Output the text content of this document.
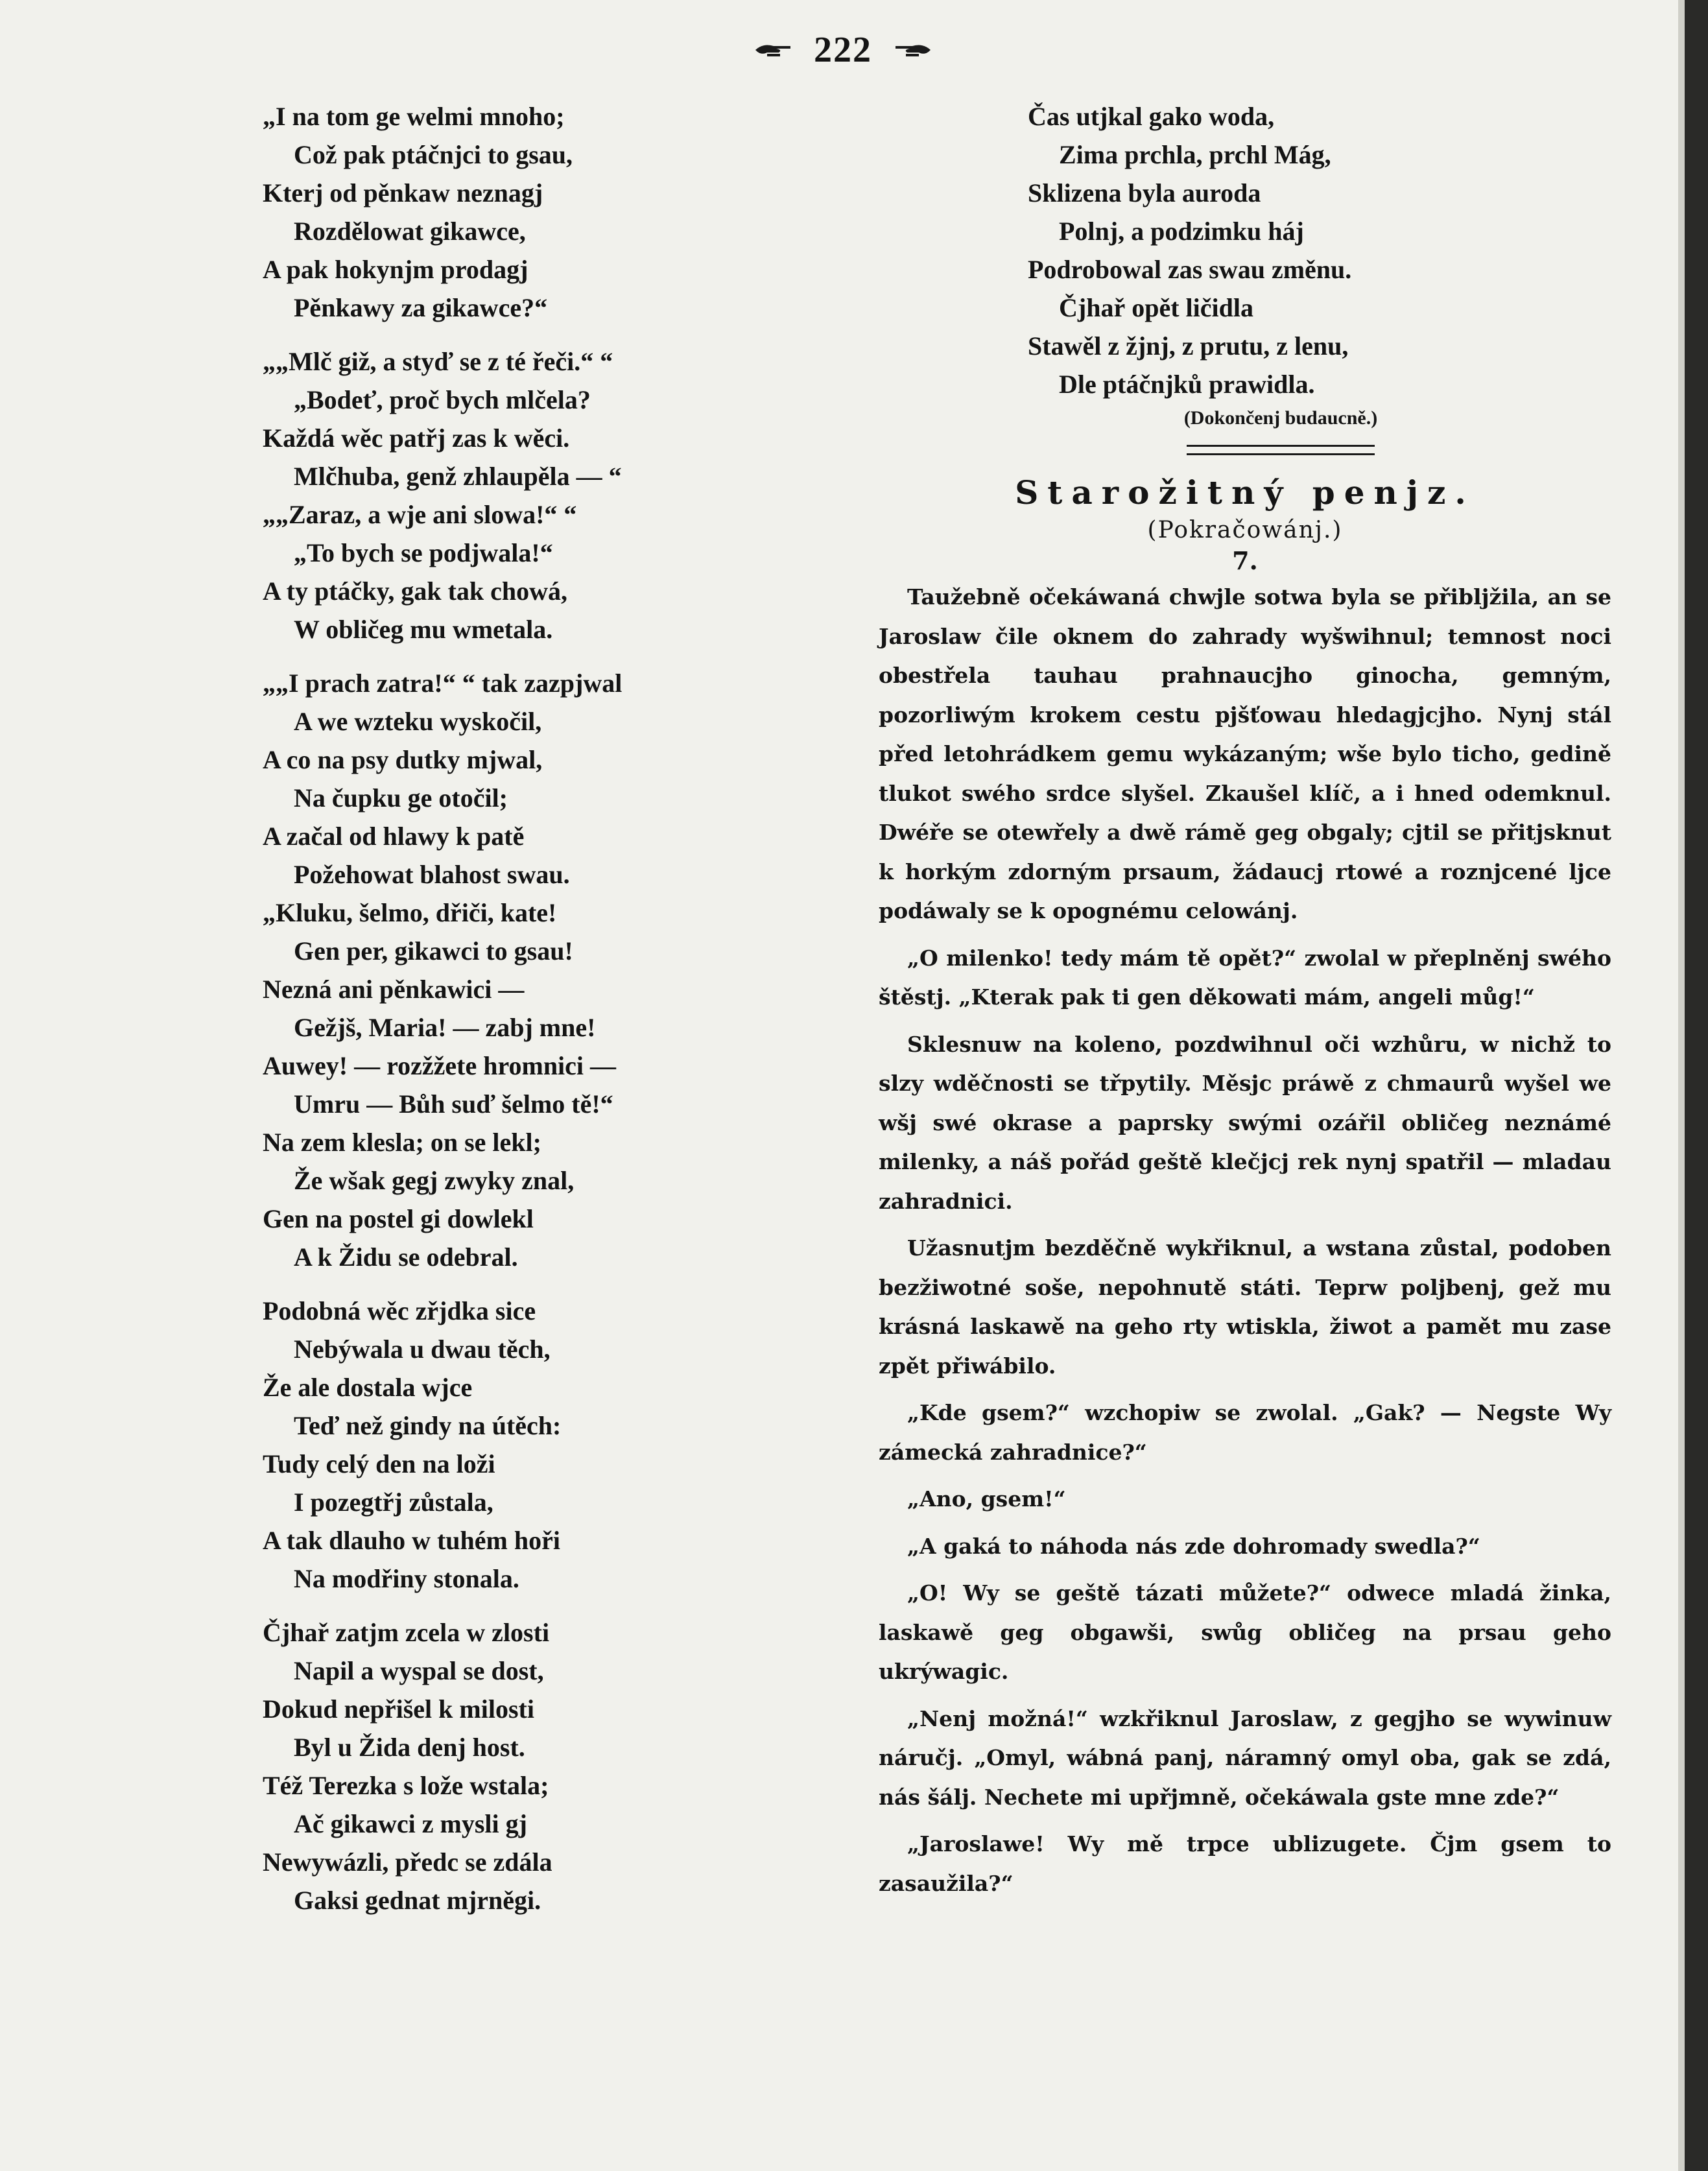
222
„I na tom ge welmi mnoho;
Což pak ptáčnjci to gsau,
Kterj od pěnkaw neznagj
Rozdělowat gikawce,
A pak hokynjm prodagj
Pěnkawy za gikawce?“
„„Mlč giž, a styď se z té řeči.“ “
„Bodeť, proč bych mlčela?
Každá wěc patřj zas k wěci.
Mlčhuba, genž zhlaupěla — “
„„Zaraz, a wje ani slowa!“ “
„To bych se podjwala!“
A ty ptáčky, gak tak chowá,
W obličeg mu wmetala.
„„I prach zatra!“ “ tak zazpjwal
A we wzteku wyskočil,
A co na psy dutky mjwal,
Na čupku ge otočil;
A začal od hlawy k patě
Požehowat blahost swau.
„Kluku, šelmo, dřiči, kate!
Gen per, gikawci to gsau!
Nezná ani pěnkawici —
Gežjš, Maria! — zabj mne!
Auwey! — rozžžete hromnici —
Umru — Bůh suď šelmo tě!“
Na zem klesla; on se lekl;
Že wšak gegj zwyky znal,
Gen na postel gi dowlekl
A k Židu se odebral.
Podobná wěc zřjdka sice
Nebýwala u dwau těch,
Že ale dostala wjce
Teď než gindy na útěch:
Tudy celý den na loži
I pozegtřj zůstala,
A tak dlauho w tuhém hoři
Na modřiny stonala.
Čjhař zatjm zcela w zlosti
Napil a wyspal se dost,
Dokud nepřišel k milosti
Byl u Žida denj host.
Též Terezka s lože wstala;
Ač gikawci z mysli gj
Newywázli, předc se zdála
Gaksi gednat mjrněgi.
Čas utjkal gako woda,
Zima prchla, prchl Mág,
Sklizena byla auroda
Polnj, a podzimku háj
Podrobowal zas swau změnu.
Čjhař opět ličidla
Stawěl z žjnj, z prutu, z lenu,
Dle ptáčnjků prawidla.
(Dokončenj budaucně.)
Starožitný penjz.
(Pokračowánj.)
7.

Taužebně očekáwaná chwjle sotwa byla se přibljžila, an se Jaroslaw čile oknem do zahrady wyšwihnul; temnost noci obestřela tauhau prahnaucjho ginocha, gemným, pozorliwým krokem cestu pjšťowau hledagjcjho. Nynj stál před letohrádkem gemu wykázaným; wše bylo ticho, gedině tlukot swého srdce slyšel. Zkaušel klíč, a i hned odemknul. Dwéře se otewřely a dwě rámě geg obgaly; cjtil se přitjsknut k horkým zdorným prsaum, žádaucj rtowé a roznjcené ljce podáwaly se k opognému celowánj.

„O milenko! tedy mám tě opět?“ zwolal w přeplněnj swého štěstj. „Kterak pak ti gen děkowati mám, angeli můg!“

Sklesnuw na koleno, pozdwihnul oči wzhůru, w nichž to slzy wděčnosti se třpytily. Měsjc práwě z chmaurů wyšel we wšj swé okrase a paprsky swými ozářil obličeg neznámé milenky, a náš pořád geště klečjcj rek nynj spatřil — mladau zahradnici.

Užasnutjm bezděčně wykřiknul, a wstana zůstal, podoben bezžiwotné soše, nepohnutě státi. Teprw poljbenj, gež mu krásná laskawě na geho rty wtiskla, žiwot a pamět mu zase zpět přiwábilo.

„Kde gsem?“ wzchopiw se zwolal. „Gak? — Negste Wy zámecká zahradnice?“

„Ano, gsem!“

„A gaká to náhoda nás zde dohromady swedla?“

„O! Wy se geště tázati můžete?“ odwece mladá žinka, laskawě geg obgawši, swůg obličeg na prsau geho ukrýwagic.

„Nenj možná!“ wzkřiknul Jaroslaw, z gegjho se wywinuw náručj. „Omyl, wábná panj, náramný omyl oba, gak se zdá, nás šálj. Nechete mi upřjmně, očekáwala gste mne zde?“

„Jaroslawe! Wy mě trpce ublizugete. Čjm gsem to zasaužila?“
